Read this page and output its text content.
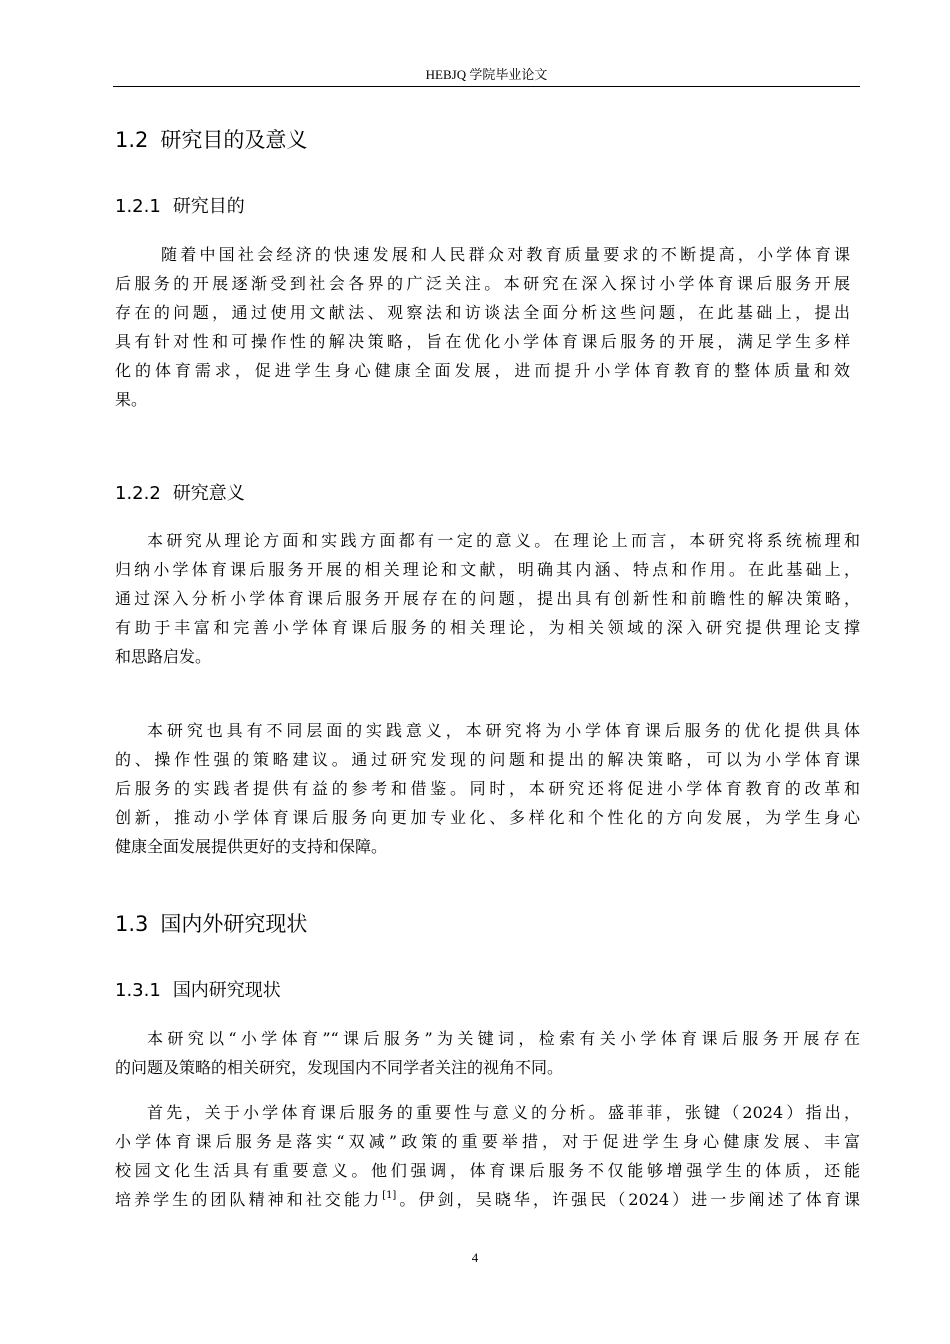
HEBJQ 学院毕业论文
1.2 研究目的及意义
1.2.1 研究目的

随着中国社会经济的快速发展和人民群众对教育质量要求的不断提高，小学体育课
后服务的开展逐渐受到社会各界的广泛关注。本研究在深入探讨小学体育课后服务开展
存在的问题，通过使用文献法、观察法和访谈法全面分析这些问题，在此基础上，提出
具有针对性和可操作性的解决策略，旨在优化小学体育课后服务的开展，满足学生多样
化的体育需求，促进学生身心健康全面发展，进而提升小学体育教育的整体质量和效
果。

1.2.2 研究意义

本研究从理论方面和实践方面都有一定的意义。在理论上而言，本研究将系统梳理和
归纳小学体育课后服务开展的相关理论和文献，明确其内涵、特点和作用。在此基础上，
通过深入分析小学体育课后服务开展存在的问题，提出具有创新性和前瞻性的解决策略，
有助于丰富和完善小学体育课后服务的相关理论，为相关领域的深入研究提供理论支撑
和思路启发。

本研究也具有不同层面的实践意义，本研究将为小学体育课后服务的优化提供具体
的、操作性强的策略建议。通过研究发现的问题和提出的解决策略，可以为小学体育课
后服务的实践者提供有益的参考和借鉴。同时，本研究还将促进小学体育教育的改革和
创新，推动小学体育课后服务向更加专业化、多样化和个性化的方向发展，为学生身心
健康全面发展提供更好的支持和保障。

1.3 国内外研究现状
1.3.1 国内研究现状

本研究以“小学体育”“课后服务”为关键词，检索有关小学体育课后服务开展存在
的问题及策略的相关研究，发现国内不同学者关注的视角不同。

首先，关于小学体育课后服务的重要性与意义的分析。盛菲菲，张键（2024）指出，
小学体育课后服务是落实“双减”政策的重要举措，对于促进学生身心健康发展、丰富
校园文化生活具有重要意义。他们强调，体育课后服务不仅能够增强学生的体质，还能
培养学生的团队精神和社交能力[1]。伊剑，吴晓华，许强民（2024）进一步阐述了体育课

4
